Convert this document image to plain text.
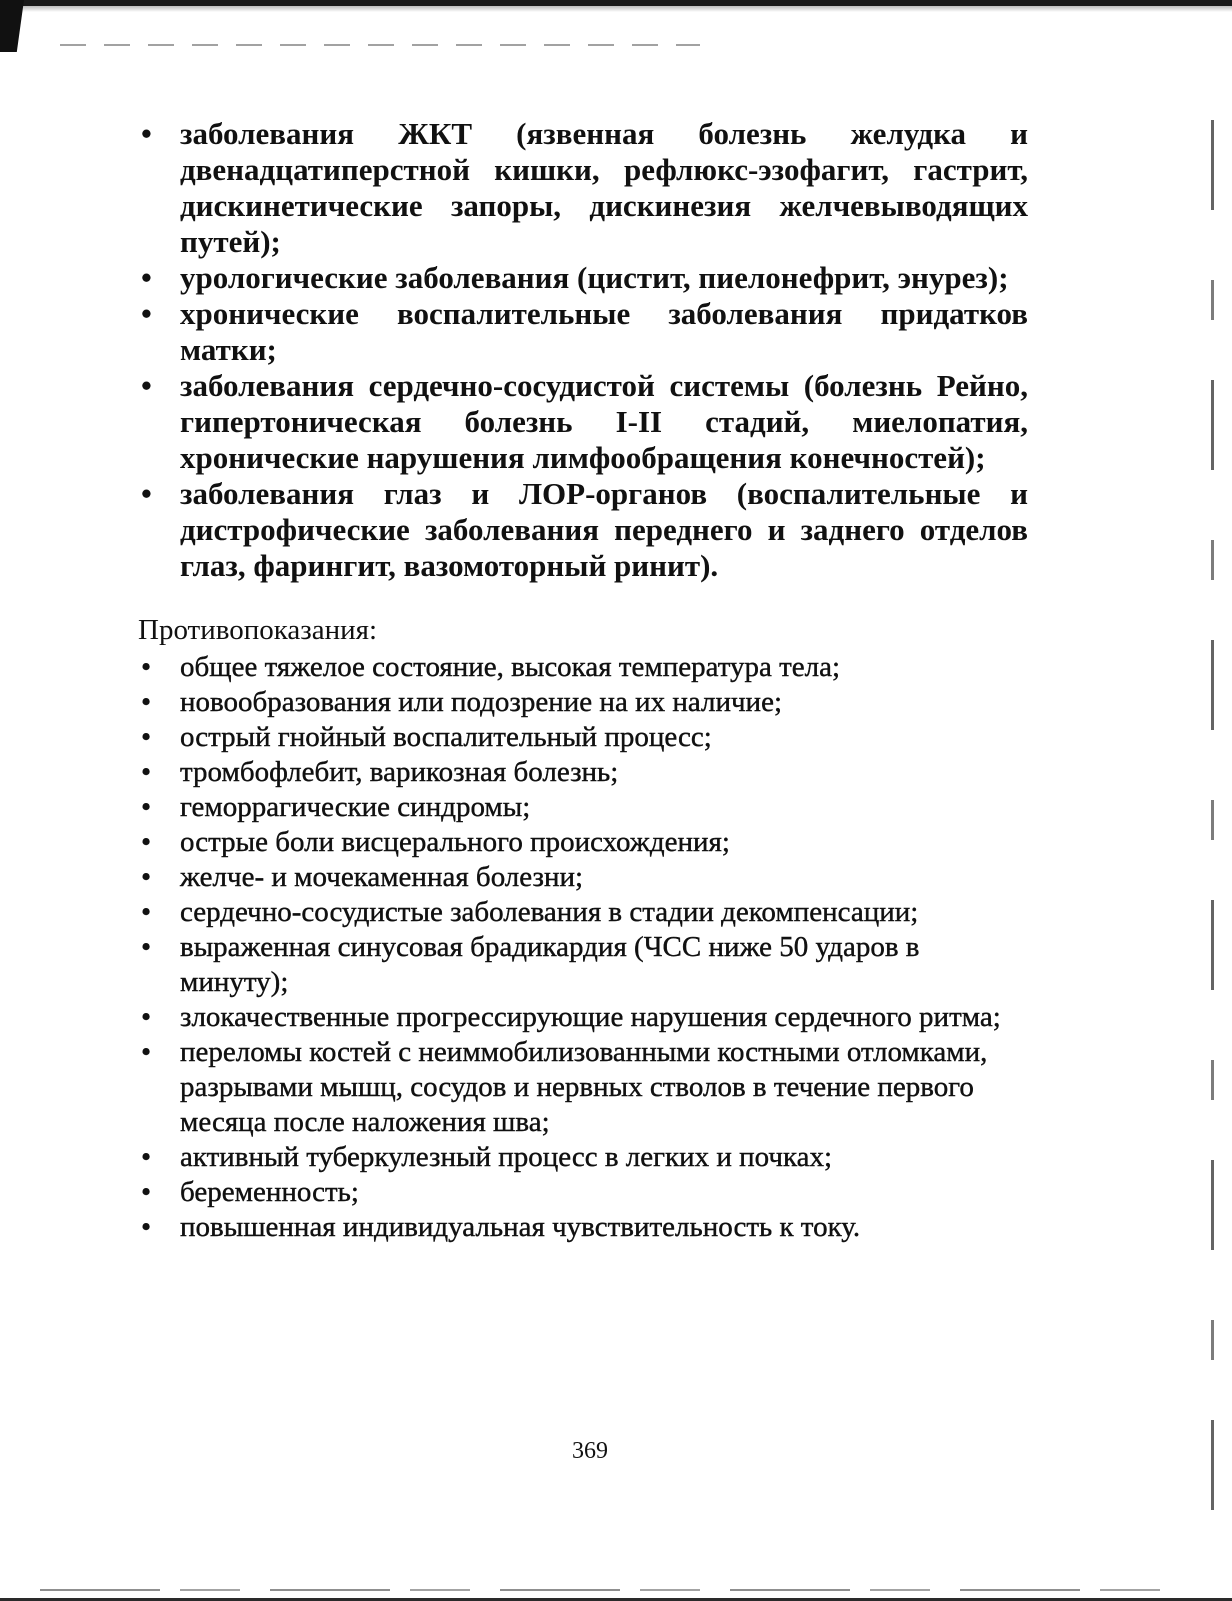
• заболевания ЖКТ (язвенная болезнь желудка и двенадцатиперстной кишки, рефлюкс-эзофагит, гастрит, дискинетические запоры, дискинезия желчевыводящих путей);
• урологические заболевания (цистит, пиелонефрит, энурез);
• хронические воспалительные заболевания придатков матки;
• заболевания сердечно-сосудистой системы (болезнь Рейно, гипертоническая болезнь I-II стадий, миелопатия, хронические нарушения лимфообращения конечностей);
• заболевания глаз и ЛОР-органов (воспалительные и дистрофические заболевания переднего и заднего отделов глаз, фарингит, вазомоторный ринит).
Противопоказания:
• общее тяжелое состояние, высокая температура тела;
• новообразования или подозрение на их наличие;
• острый гнойный воспалительный процесс;
• тромбофлебит, варикозная болезнь;
• геморрагические синдромы;
• острые боли висцерального происхождения;
• желче- и мочекаменная болезни;
• сердечно-сосудистые заболевания в стадии декомпенсации;
• выраженная синусовая брадикардия (ЧСС ниже 50 ударов в минуту);
• злокачественные прогрессирующие нарушения сердечного ритма;
• переломы костей с неиммобилизованными костными отломками, разрывами мышц, сосудов и нервных стволов в течение первого месяца после наложения шва;
• активный туберкулезный процесс в легких и почках;
• беременность;
• повышенная индивидуальная чувствительность к току.
369
